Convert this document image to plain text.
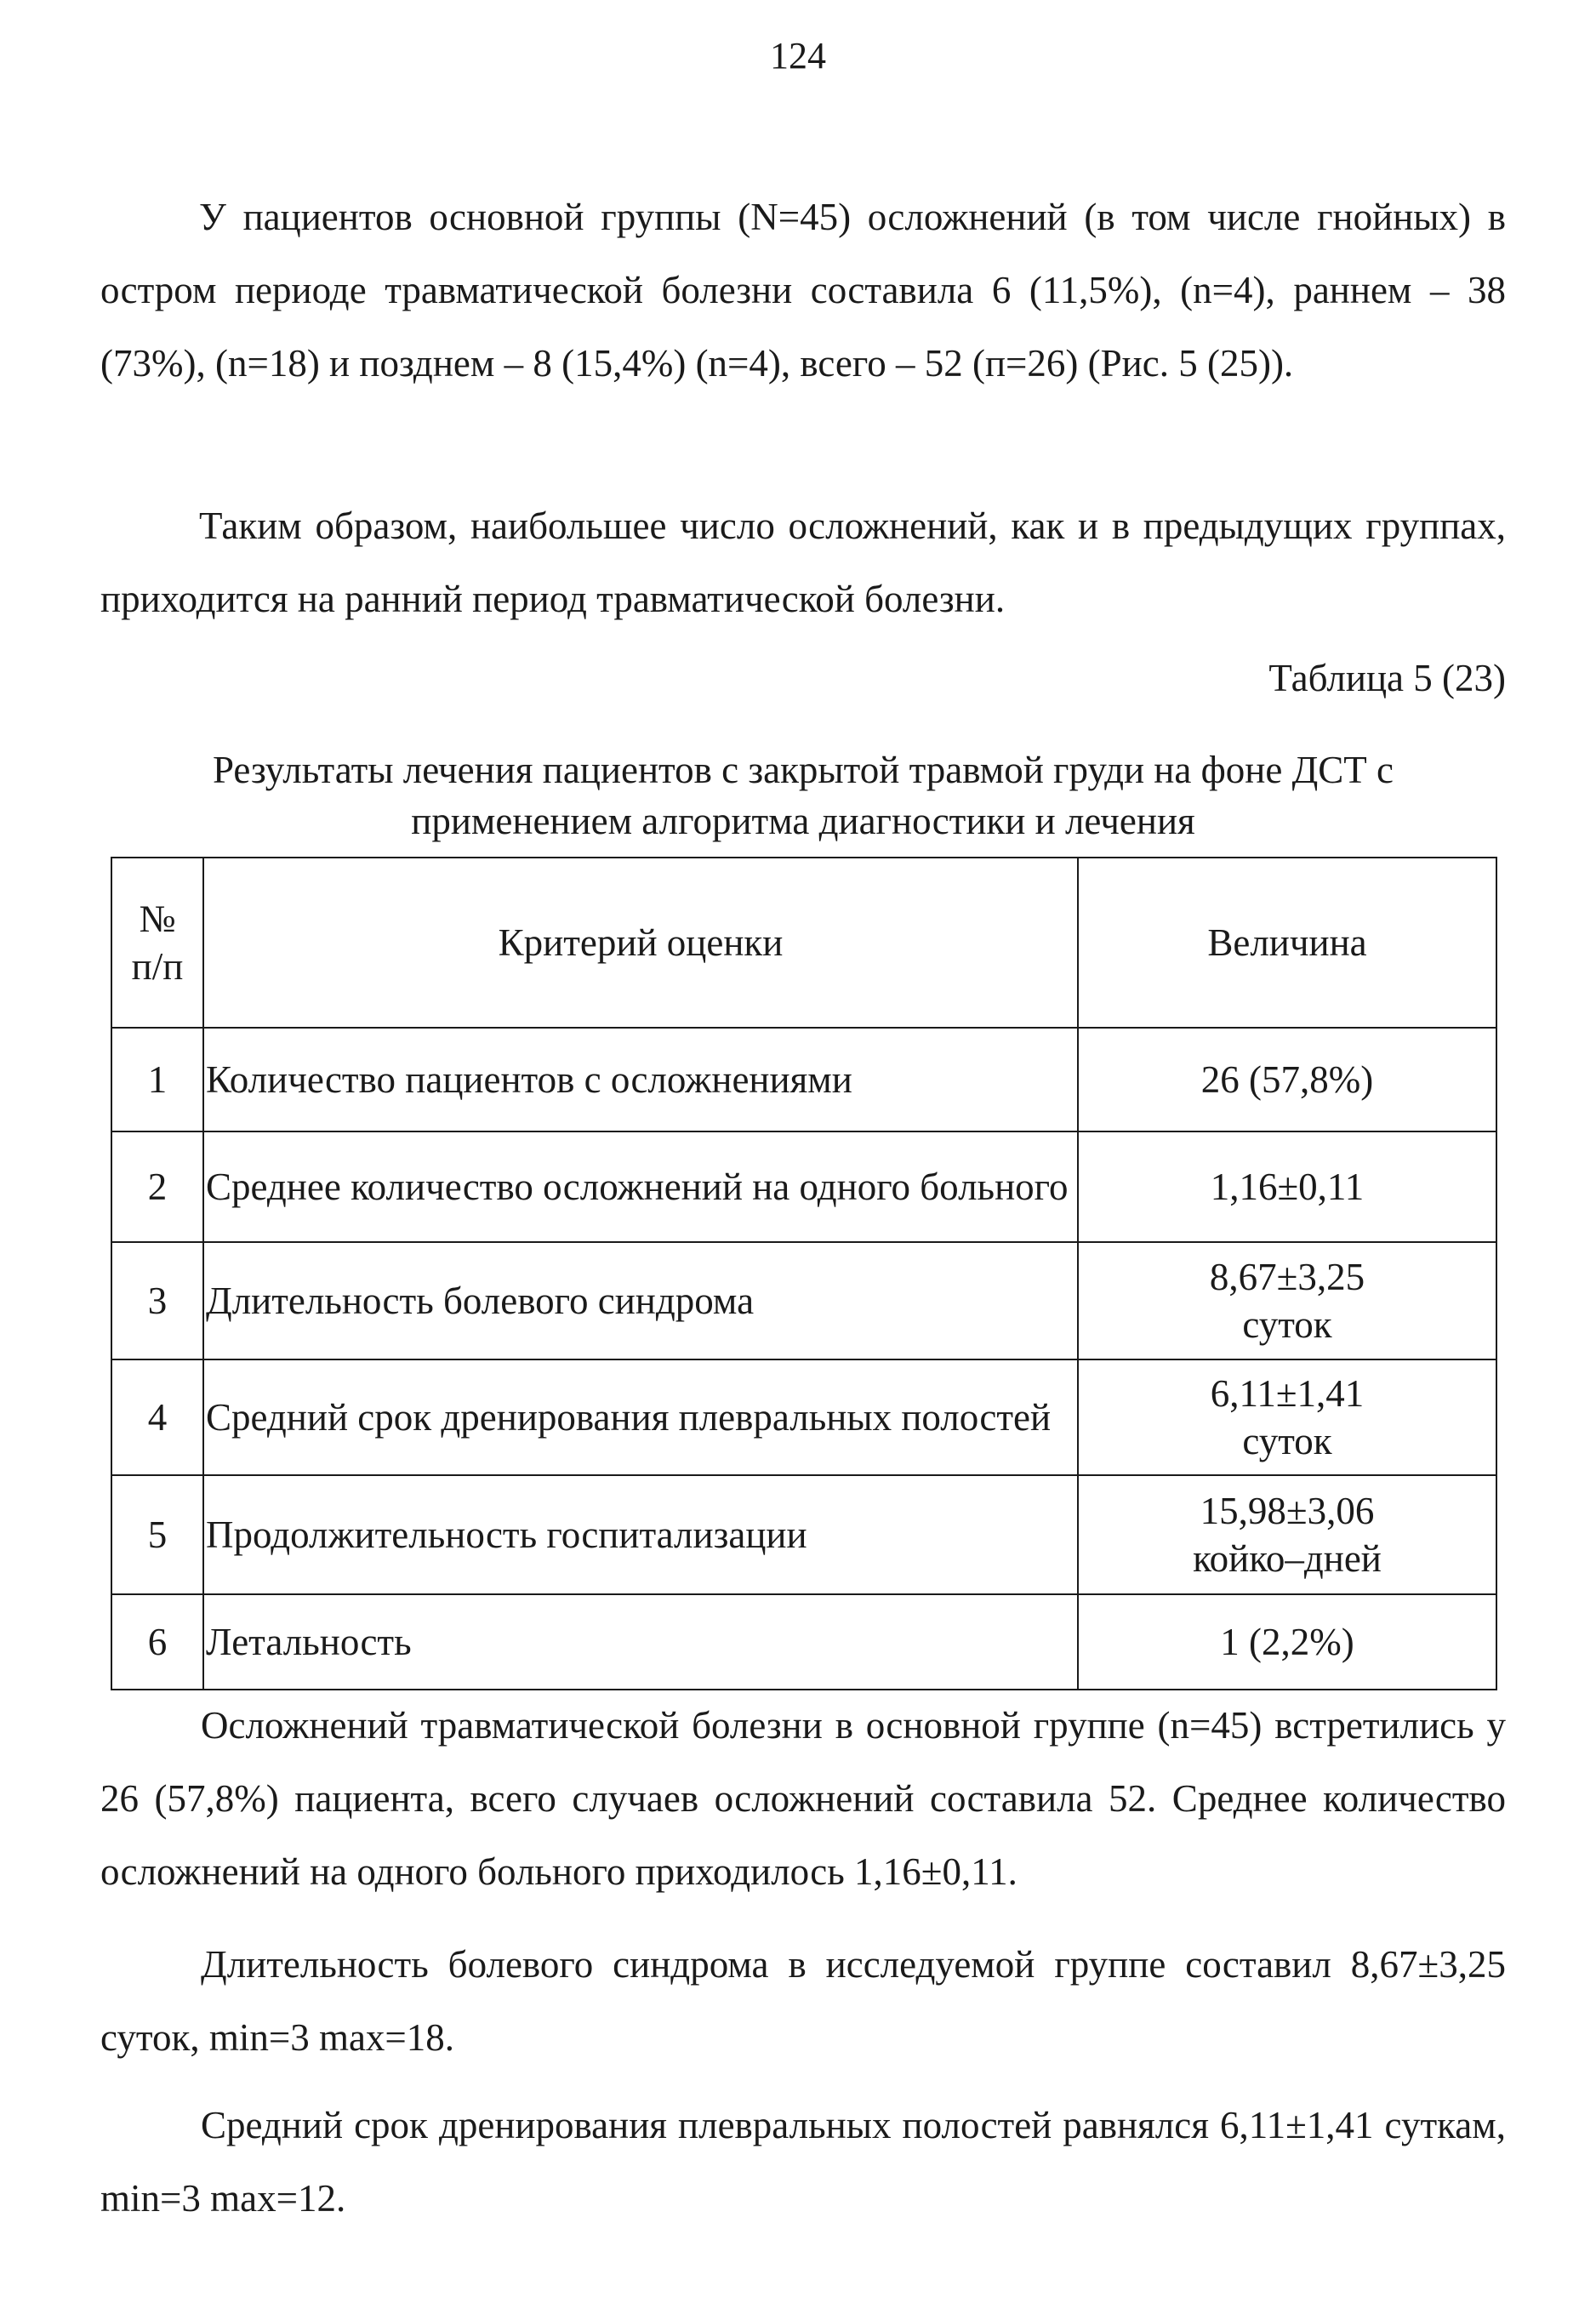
124

У пациентов основной группы (N=45) осложнений (в том числе гнойных) в остром периоде травматической болезни составила 6 (11,5%), (n=4), раннем – 38 (73%), (n=18) и позднем – 8 (15,4%) (n=4), всего – 52 (п=26) (Рис. 5 (25)).

Таким образом, наибольшее число осложнений, как и в предыдущих группах, приходится на ранний период травматической болезни.

Таблица 5 (23)
Результаты лечения пациентов с закрытой травмой груди на фоне ДСТ с
применением алгоритма диагностики и лечения
№
п/п	Критерий оценки	Величина
1	Количество пациентов с осложнениями	26 (57,8%)

2	Среднее количество осложнений на одного больного	1,16±0,11

3	Длительность болевого синдрома	8,67±3,25
суток

4	Средний срок дренирования плевральных полостей	6,11±1,41
суток

5	Продолжительность госпитализации	15,98±3,06
койко–дней

6	Летальность	1 (2,2%)

Осложнений травматической болезни в основной группе (n=45) встретились у 26 (57,8%) пациента, всего случаев осложнений составила 52. Среднее количество осложнений на одного больного приходилось 1,16±0,11.

Длительность болевого синдрома в исследуемой группе составил 8,67±3,25 суток, min=3 max=18.

Средний срок дренирования плевральных полостей равнялся 6,11±1,41 суткам, min=3 max=12.
